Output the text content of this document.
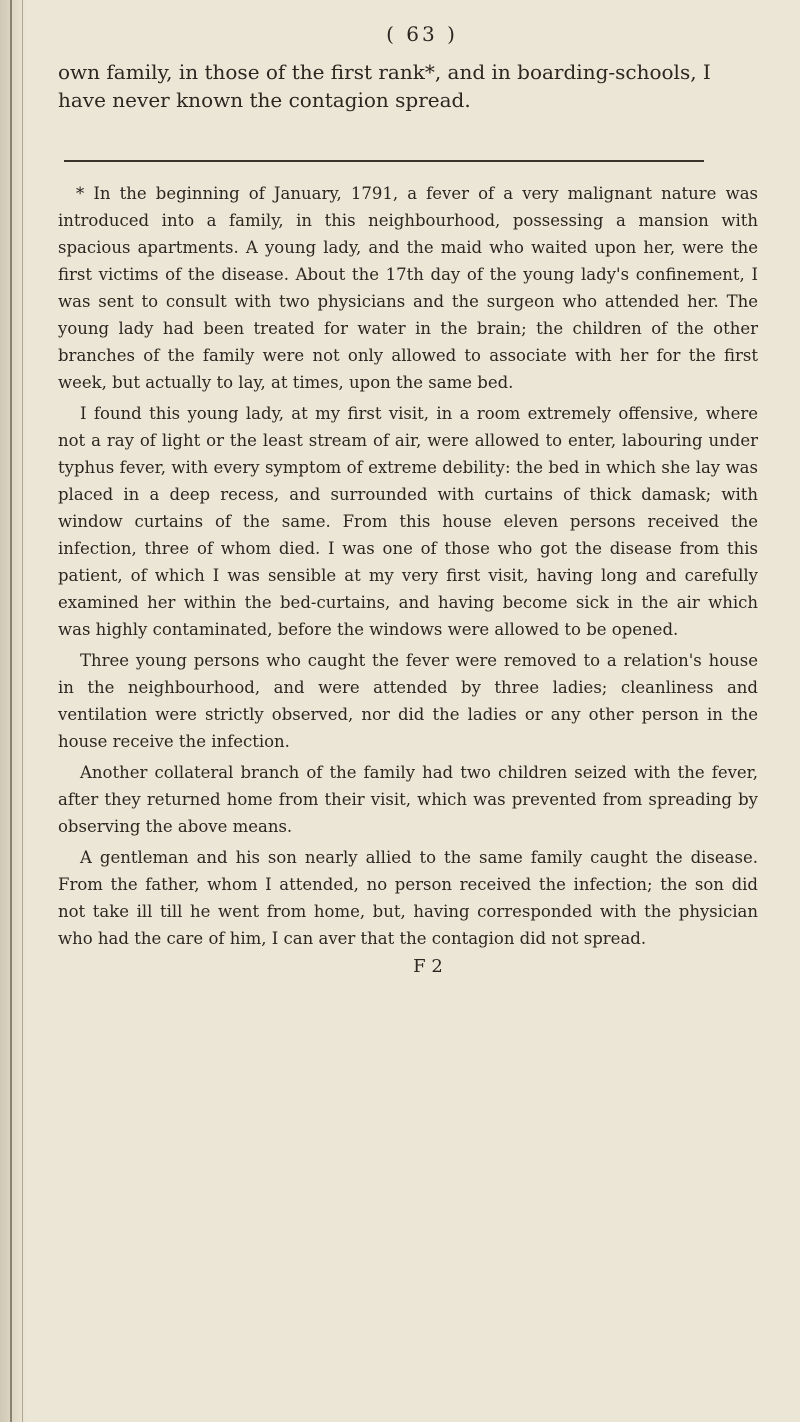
( 63 )

own family, in those of the first rank*, and in boarding-schools, I have never known the contagion spread.

* In the beginning of January, 1791, a fever of a very malignant nature was introduced into a family, in this neighbourhood, possessing a mansion with spacious apartments. A young lady, and the maid who waited upon her, were the first victims of the disease. About the 17th day of the young lady's confinement, I was sent to consult with two physicians and the surgeon who attended her. The young lady had been treated for water in the brain; the children of the other branches of the family were not only allowed to associate with her for the first week, but actually to lay, at times, upon the same bed.

I found this young lady, at my first visit, in a room extremely offensive, where not a ray of light or the least stream of air, were allowed to enter, labouring under typhus fever, with every symptom of extreme debility: the bed in which she lay was placed in a deep recess, and surrounded with curtains of thick damask; with window curtains of the same. From this house eleven persons received the infection, three of whom died. I was one of those who got the disease from this patient, of which I was sensible at my very first visit, having long and carefully examined her within the bed-curtains, and having become sick in the air which was highly contaminated, before the windows were allowed to be opened.

Three young persons who caught the fever were removed to a relation's house in the neighbourhood, and were attended by three ladies; cleanliness and ventilation were strictly observed, nor did the ladies or any other person in the house receive the infection.

Another collateral branch of the family had two children seized with the fever, after they returned home from their visit, which was prevented from spreading by observing the above means.

A gentleman and his son nearly allied to the same family caught the disease. From the father, whom I attended, no person received the infection; the son did not take ill till he went from home, but, having corresponded with the physician who had the care of him, I can aver that the contagion did not spread.

F 2
